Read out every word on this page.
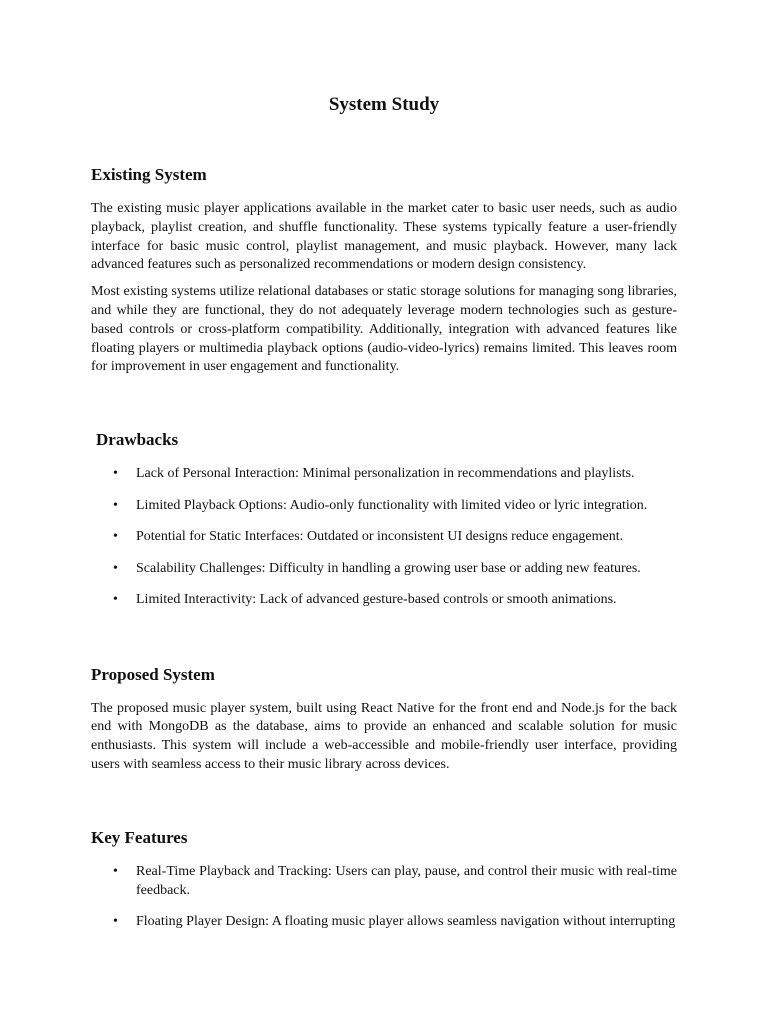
System Study
Existing System

The existing music player applications available in the market cater to basic user needs, such as audio playback, playlist creation, and shuffle functionality. These systems typically feature a user-friendly interface for basic music control, playlist management, and music playback. However, many lack advanced features such as personalized recommendations or modern design consistency.

Most existing systems utilize relational databases or static storage solutions for managing song libraries, and while they are functional, they do not adequately leverage modern technologies such as gesture-based controls or cross-platform compatibility. Additionally, integration with advanced features like floating players or multimedia playback options (audio-video-lyrics) remains limited. This leaves room for improvement in user engagement and functionality.

Drawbacks
• Lack of Personal Interaction: Minimal personalization in recommendations and playlists.
• Limited Playback Options: Audio-only functionality with limited video or lyric integration.
• Potential for Static Interfaces: Outdated or inconsistent UI designs reduce engagement.
• Scalability Challenges: Difficulty in handling a growing user base or adding new features.
• Limited Interactivity: Lack of advanced gesture-based controls or smooth animations.
Proposed System

The proposed music player system, built using React Native for the front end and Node.js for the back end with MongoDB as the database, aims to provide an enhanced and scalable solution for music enthusiasts. This system will include a web-accessible and mobile-friendly user interface, providing users with seamless access to their music library across devices.

Key Features
• Real-Time Playback and Tracking: Users can play, pause, and control their music with real-time feedback.
• Floating Player Design: A floating music player allows seamless navigation without interrupting
